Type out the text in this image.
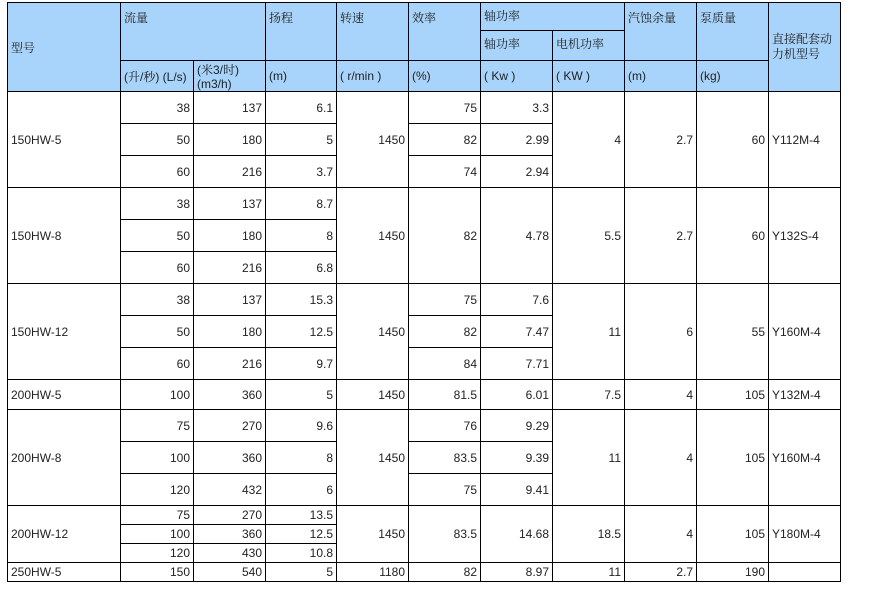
型号	流量		扬程	转速	效率	轴功率		汽蚀余量	泵质量	直接配套动力机型号
						轴功率	电机功率			
	(升/秒) (L/s)	(米3/时)(m3/h)	(m)	( r/min )	(%)	( Kw )	( KW )	(m)	(kg)	
150HW-5	38	137	6.1	1450	75	3.3	4	2.7	60	Y112M-4
	50	180	5		82	2.99				
	60	216	3.7		74	2.94				
150HW-8	38	137	8.7	1450	82	4.78	5.5	2.7	60	Y132S-4
	50	180	8							
	60	216	6.8							
150HW-12	38	137	15.3	1450	75	7.6	11	6	55	Y160M-4
	50	180	12.5		82	7.47				
	60	216	9.7		84	7.71				
200HW-5	100	360	5	1450	81.5	6.01	7.5	4	105	Y132M-4
200HW-8	75	270	9.6	1450	76	9.29	11	4	105	Y160M-4
	100	360	8		83.5	9.39				
	120	432	6		75	9.41				
200HW-12	75	270	13.5	1450	83.5	14.68	18.5	4	105	Y180M-4
	100	360	12.5							
	120	430	10.8							
250HW-5	150	540	5	1180	82	8.97	11	2.7	190	
